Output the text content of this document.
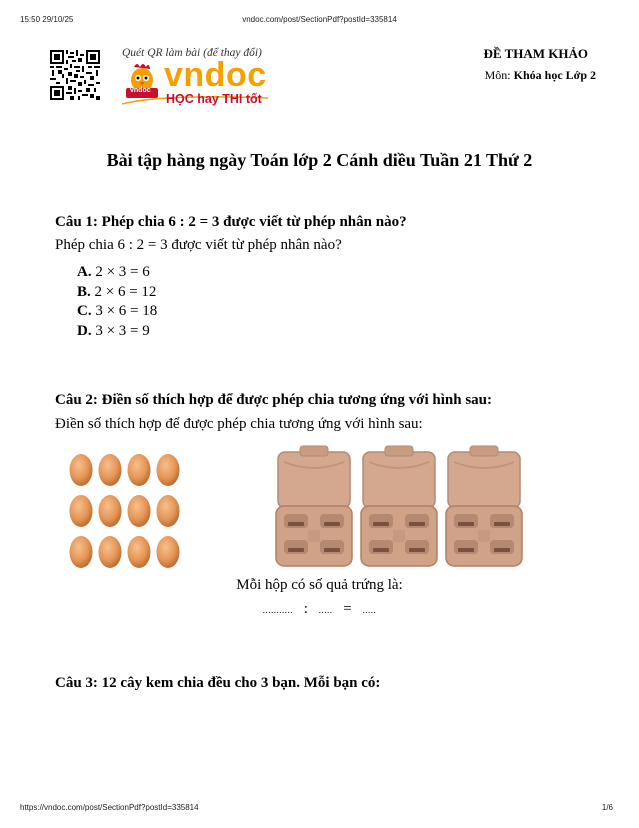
15:50 29/10/25	vndoc.com/post/SectionPdf?postId=335814
Quét QR làm bài (để thay đổi)
vndoc vndoc
HỌC hay THI tốt
ĐỀ THAM KHẢO
Môn: Khóa học Lớp 2
Bài tập hàng ngày Toán lớp 2 Cánh diều Tuần 21 Thứ 2
Câu 1: Phép chia 6 : 2 = 3 được viết từ phép nhân nào?
Phép chia 6 : 2 = 3 được viết từ phép nhân nào?
A. 2 × 3 = 6
B. 2 × 6 = 12
C. 3 × 6 = 18
D. 3 × 3 = 9
Câu 2: Điền số thích hợp để được phép chia tương ứng với hình sau:
Điền số thích hợp để được phép chia tương ứng với hình sau:
Mỗi hộp có số quả trứng là:
........... : ..... = .....
Câu 3: 12 cây kem chia đều cho 3 bạn. Mỗi bạn có:
https://vndoc.com/post/SectionPdf?postId=335814	1/6
